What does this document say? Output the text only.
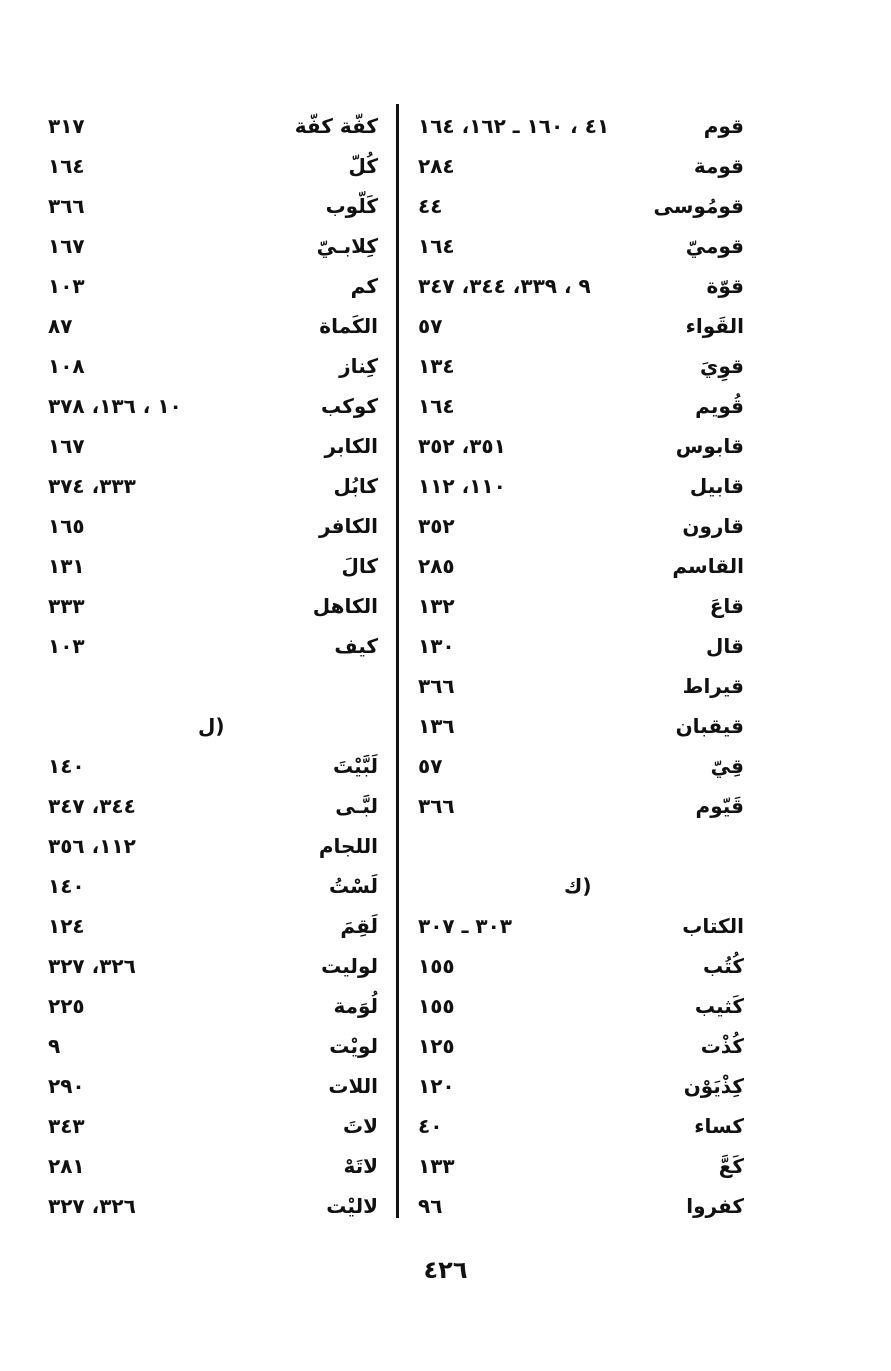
قوم
٤١ ، ١٦٠ ـ ١٦٢، ١٦٤
قومة
٢٨٤
قومُوسى
٤٤
قوميّ
١٦٤
قوّة
٩ ، ٣٣٩، ٣٤٤، ٣٤٧
القَواء
٥٧
قوِيَ
١٣٤
قُويم
١٦٤
قابوس
٣٥١، ٣٥٢
قابيل
١١٠، ١١٢
قارون
٣٥٢
القاسم
٢٨٥
قاعَ
١٣٢
قال
١٣٠
قيراط
٣٦٦
قيقبان
١٣٦
قِيّ
٥٧
قَيّوم
٣٦٦
(ك
الكتاب
٣٠٣ ـ ٣٠٧
كُتُب
١٥٥
كَثيب
١٥٥
كُذْت
١٢٥
كِذْيَوْن
١٢٠
كساء
٤٠
كَعَّ
١٣٣
كفروا
٩٦
كفّة كفّة
٣١٧
كُلّ
١٦٤
كَلّوب
٣٦٦
كِلابـيّ
١٦٧
كم
١٠٣
الكَماة
٨٧
كِناز
١٠٨
كوكب
١٠ ، ١٣٦، ٣٧٨
الكابر
١٦٧
كابُل
٣٣٣، ٣٧٤
الكافر
١٦٥
كالَ
١٣١
الكاهل
٣٣٣
كيف
١٠٣
(ل
لَبَّيْتَ
١٤٠
لبَّـى
٣٤٤، ٣٤٧
اللجام
١١٢، ٣٥٦
لَسْتُ
١٤٠
لَقِمَ
١٢٤
لوليت
٣٢٦، ٣٢٧
لُوَمة
٢٢٥
لويْت
٩
اللات
٢٩٠
لاتَ
٣٤٣
لاتَهْ
٢٨١
لاليْت
٣٢٦، ٣٢٧
٤٢٦
